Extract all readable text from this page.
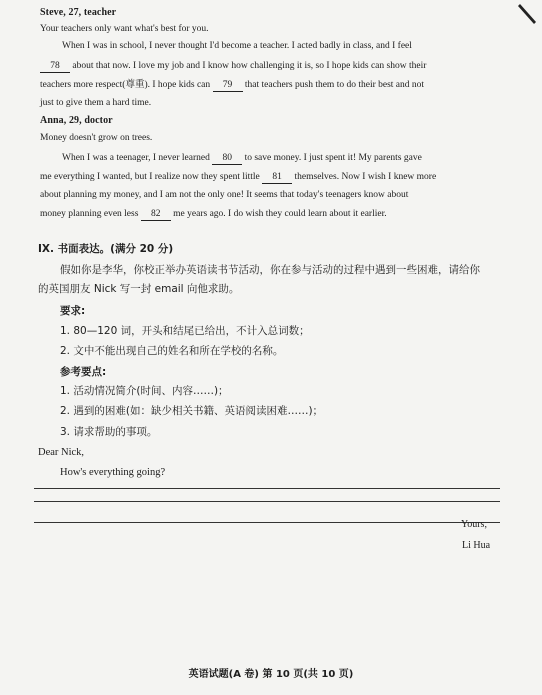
Steve, 27, teacher
Your teachers only want what's best for you.
When I was in school, I never thought I'd become a teacher. I acted badly in class, and I feel
78 about that now. I love my job and I know how challenging it is, so I hope kids can show their
teachers more respect(尊重). I hope kids can 79 that teachers push them to do their best and not
just to give them a hard time.
Anna, 29, doctor
Money doesn't grow on trees.
When I was a teenager, I never learned 80 to save money. I just spent it! My parents gave
me everything I wanted, but I realize now they spent little 81 themselves. Now I wish I knew more
about planning my money, and I am not the only one! It seems that today's teenagers know about
money planning even less 82 me years ago. I do wish they could learn about it earlier.
IX. 书面表达。(满分 20 分)
假如你是李华，你校正举办英语读书节活动，你在参与活动的过程中遇到一些困难，请给你
的英国朋友 Nick 写一封 email 向他求助。
要求:
1. 80—120 词，开头和结尾已给出，不计入总词数；
2. 文中不能出现自己的姓名和所在学校的名称。
参考要点:
1. 活动情况简介(时间、内容……)；
2. 遇到的困难(如：缺少相关书籍、英语阅读困难……)；
3. 请求帮助的事项。
Dear Nick,
How's everything going?
Yours,
Li Hua
英语试题(A 卷) 第 10 页(共 10 页)
